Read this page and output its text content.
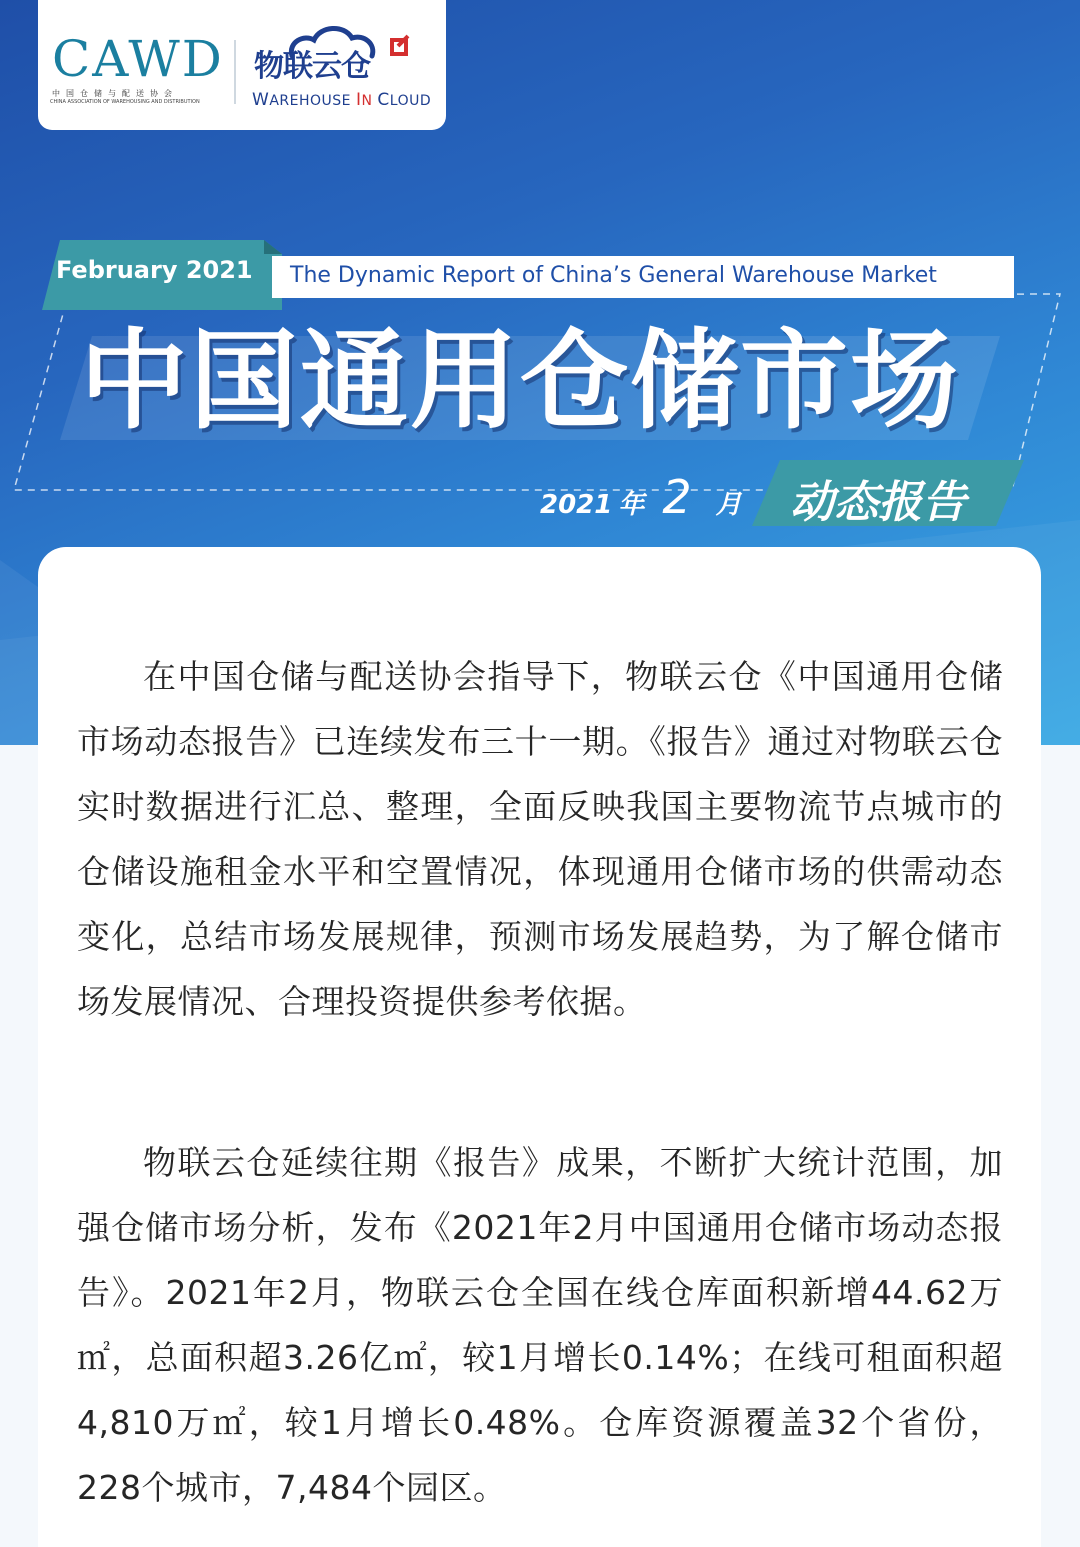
CAWD
中国仓储与配送协会
CHINA ASSOCIATION OF WAREHOUSING AND DISTRIBUTION
物联云仓
WAREHOUSE IN CLOUD
February 2021 The Dynamic Report of China’s General Warehouse Market
中国通用仓储市场
2021 年 2 月 动态报告

在中国仓储与配送协会指导下，物联云仓《中国通用仓储市场动态报告》已连续发布三十一期。《报告》通过对物联云仓实时数据进行汇总、整理，全面反映我国主要物流节点城市的仓储设施租金水平和空置情况，体现通用仓储市场的供需动态变化，总结市场发展规律，预测市场发展趋势，为了解仓储市场发展情况、合理投资提供参考依据。

物联云仓延续往期《报告》成果，不断扩大统计范围，加强仓储市场分析，发布《2021年2月中国通用仓储市场动态报告》。2021年2月，物联云仓全国在线仓库面积新增44.62万㎡，总面积超3.26亿㎡，较1月增长0.14%；在线可租面积超4,810万㎡，较1月增长0.48%。仓库资源覆盖32个省份，228个城市，7,484个园区。
